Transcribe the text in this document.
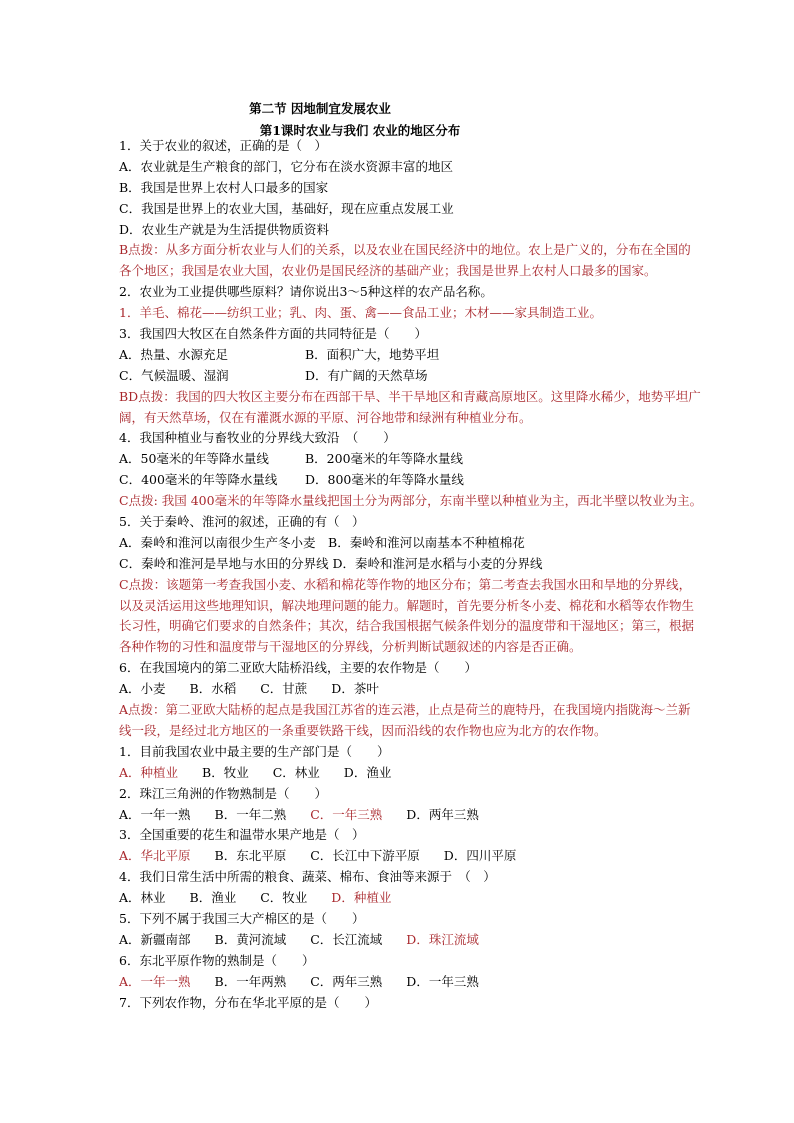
第二节 因地制宜发展农业
第1课时农业与我们 农业的地区分布
1．关于农业的叙述，正确的是（　）
A．农业就是生产粮食的部门，它分布在淡水资源丰富的地区
B．我国是世界上农村人口最多的国家
C．我国是世界上的农业大国，基础好，现在应重点发展工业
D．农业生产就是为生活提供物质资料
B点拨：从多方面分析农业与人们的关系，以及农业在国民经济中的地位。农上是广义的，分布在全国的
各个地区；我国是农业大国，农业仍是国民经济的基础产业；我国是世界上农村人口最多的国家。
2．农业为工业提供哪些原料？请你说出3～5种这样的农产品名称。
1．羊毛、棉花——纺织工业；乳、肉、蛋、禽——食品工业；木材——家具制造工业。
3．我国四大牧区在自然条件方面的共同特征是（　　）
A．热量、水源充足	B．面积广大，地势平坦
C．气候温暖、湿润	D．有广阔的天然草场
BD点拨：我国的四大牧区主要分布在西部干旱、半干旱地区和青藏高原地区。这里降水稀少，地势平坦广
阔，有天然草场，仅在有灌溉水源的平原、河谷地带和绿洲有种植业分布。
4．我国种植业与畜牧业的分界线大致沿　（　　）
A．50毫米的年等降水量线	B．200毫米的年等降水量线
C．400毫米的年等降水量线	D．800毫米的年等降水量线
C点拨: 我国 400毫米的年等降水量线把国土分为两部分，东南半壁以种植业为主，西北半壁以牧业为主。
5．关于秦岭、淮河的叙述，正确的有（　）
A．秦岭和淮河以南很少生产冬小麦　B．秦岭和淮河以南基本不种植棉花
C．秦岭和淮河是旱地与水田的分界线 D．秦岭和淮河是水稻与小麦的分界线
C点拨：该题第一考查我国小麦、水稻和棉花等作物的地区分布；第二考查去我国水田和旱地的分界线，
以及灵活运用这些地理知识，解决地理问题的能力。解题时，首先要分析冬小麦、棉花和水稻等农作物生
长习性，明确它们要求的自然条件；其次，结合我国根据气候条件划分的温度带和干湿地区；第三，根据
各种作物的习性和温度带与干湿地区的分界线，分析判断试题叙述的内容是否正确。
6．在我国境内的第二亚欧大陆桥沿线，主要的农作物是（　　）
A．小麦 B．水稻 C．甘蔗 D．茶叶
A点拨：第二亚欧大陆桥的起点是我国江苏省的连云港，止点是荷兰的鹿特丹，在我国境内指陇海～兰新
线一段，是经过北方地区的一条重要铁路干线，因而沿线的农作物也应为北方的农作物。
1．目前我国农业中最主要的生产部门是（　　）
A．种植业 B．牧业 C．林业 D．渔业
2．珠江三角洲的作物熟制是（　　）
A．一年一熟 B．一年二熟 C．一年三熟 D．两年三熟
3．全国重要的花生和温带水果产地是（　）
A．华北平原 B．东北平原 C．长江中下游平原 D．四川平原
4．我们日常生活中所需的粮食、蔬菜、棉布、食油等来源于　（　）
A．林业 B．渔业 C．牧业 D．种植业
5．下列不属于我国三大产棉区的是（　　）
A．新疆南部 B．黄河流域 C．长江流域 D．珠江流域
6．东北平原作物的熟制是（　　）
A．一年一熟 B．一年两熟 C．两年三熟 D．一年三熟
7．下列农作物，分布在华北平原的是（　　）
